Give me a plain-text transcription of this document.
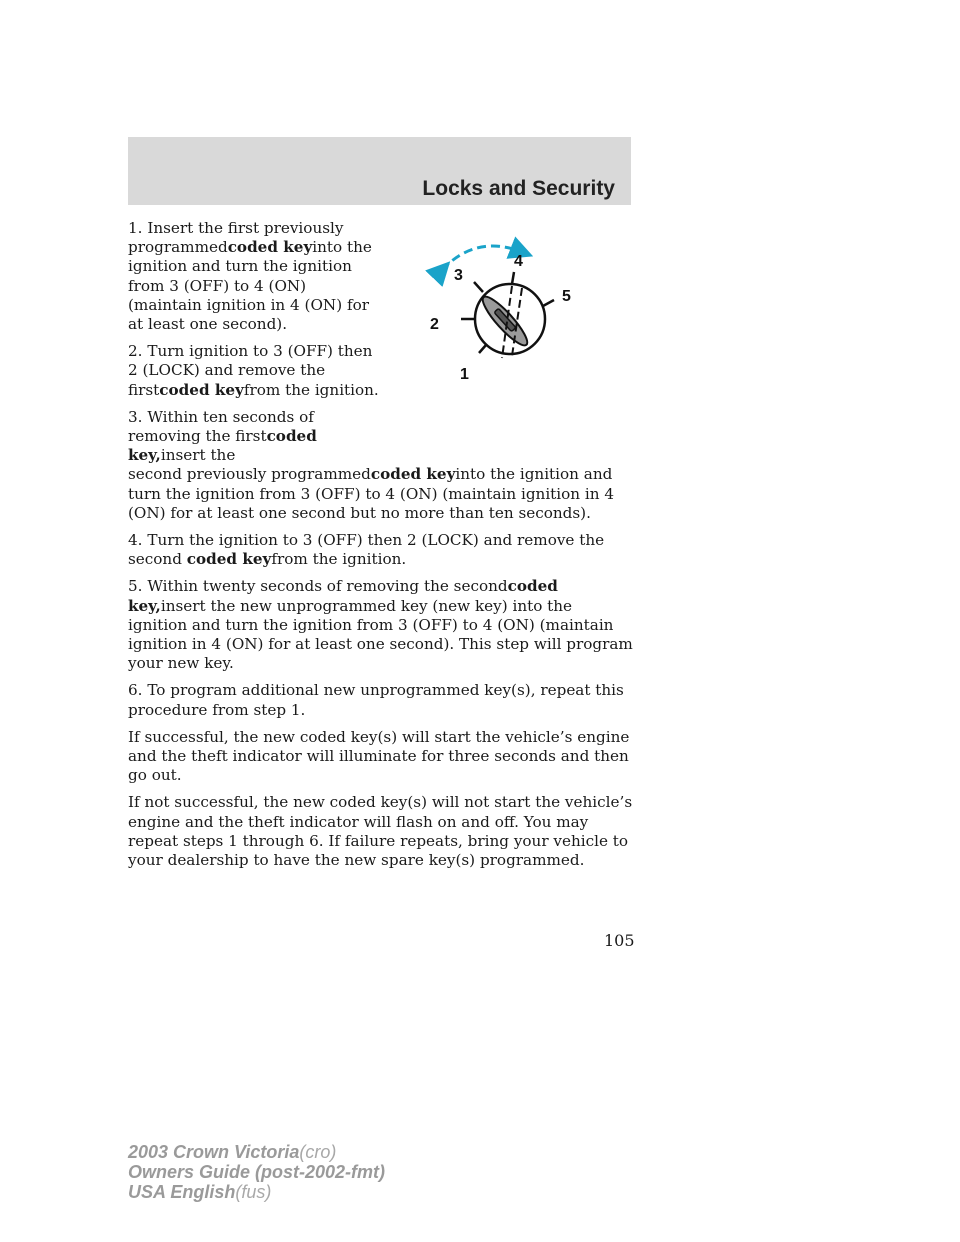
Locks and Security
1
2
3
4
5

1. Insert the first previously programmedcoded keyinto the ignition and turn the ignition from 3 (OFF) to 4 (ON) (maintain ignition in 4 (ON) for at least one second).

2. Turn ignition to 3 (OFF) then 2 (LOCK) and remove the firstcoded keyfrom the ignition.

3. Within ten seconds of removing the firstcoded key,insert the
second previously programmedcoded keyinto the ignition and turn the ignition from 3 (OFF) to 4 (ON) (maintain ignition in 4 (ON) for at least one second but no more than ten seconds).

4. Turn the ignition to 3 (OFF) then 2 (LOCK) and remove the second coded keyfrom the ignition.

5. Within twenty seconds of removing the secondcoded key,insert the new unprogrammed key (new key) into the ignition and turn the ignition from 3 (OFF) to 4 (ON) (maintain ignition in 4 (ON) for at least one second). This step will program your new key.

6. To program additional new unprogrammed key(s), repeat this procedure from step 1.

If successful, the new coded key(s) will start the vehicle’s engine and the theft indicator will illuminate for three seconds and then go out.

If not successful, the new coded key(s) will not start the vehicle’s engine and the theft indicator will flash on and off. You may repeat steps 1 through 6. If failure repeats, bring your vehicle to your dealership to have the new spare key(s) programmed.

105
2003 Crown Victoria(cro)
Owners Guide (post-2002-fmt)
USA English(fus)
